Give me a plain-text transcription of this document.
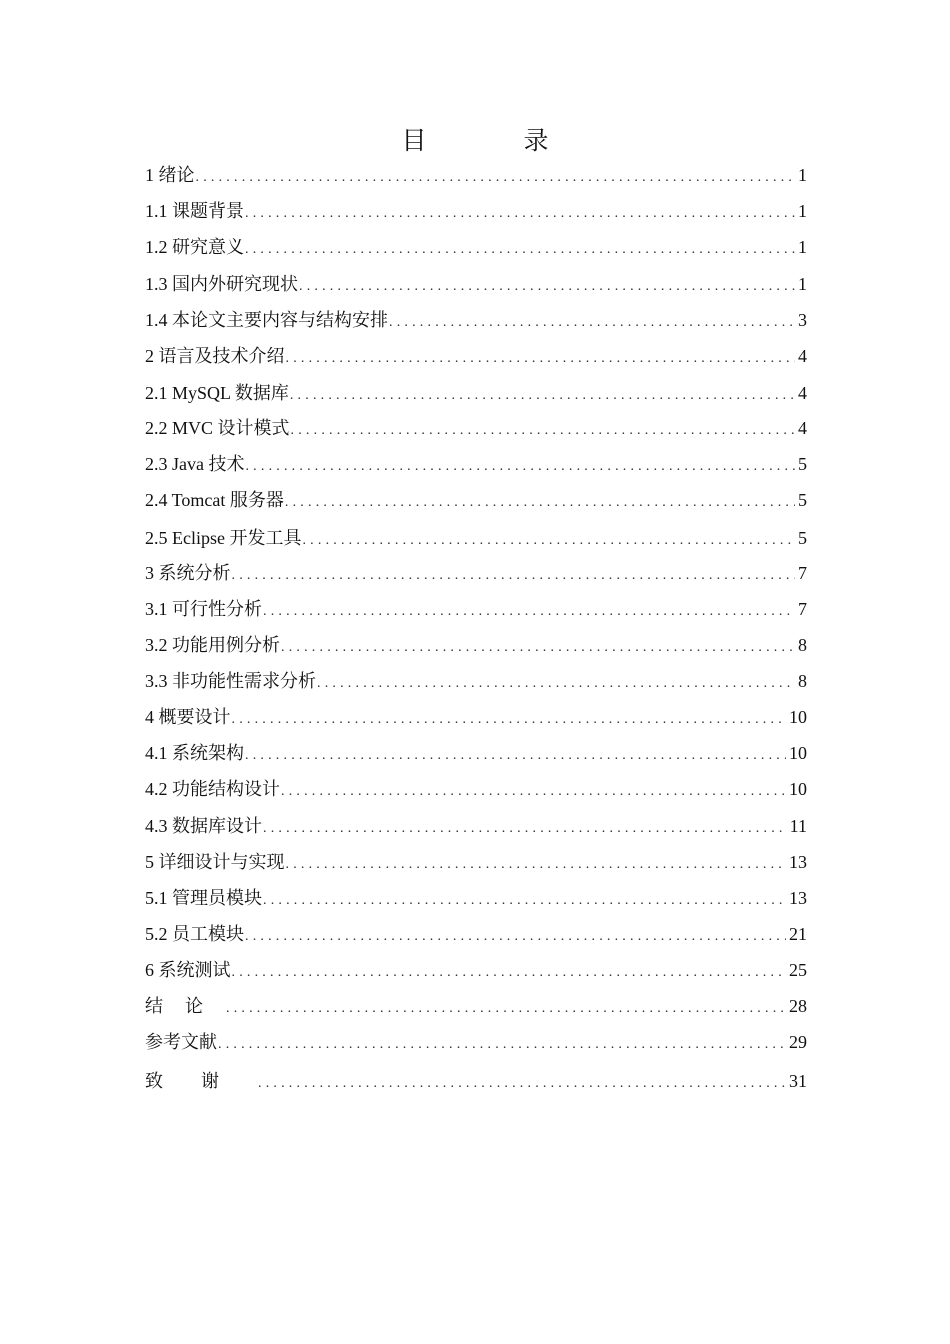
目　录
1 绪论 .....	1
1.1 课题背景 .....	1
1.2 研究意义 .....	1
1.3 国内外研究现状 .....	1
1.4 本论文主要内容与结构安排 .....	3
2 语言及技术介绍 .....	4
2.1 MySQL 数据库 .....	4
2.2 MVC 设计模式 .....	4
2.3 Java 技术 .....	5
2.4 Tomcat 服务器 .....	5
2.5 Eclipse 开发工具 .....	5
3 系统分析 .....	7
3.1 可行性分析 .....	7
3.2 功能用例分析 .....	8
3.3 非功能性需求分析 .....	8
4 概要设计 .....	10
4.1 系统架构 .....	10
4.2 功能结构设计 .....	10
4.3 数据库设计 .....	11
5 详细设计与实现 .....	13
5.1 管理员模块 .....	13
5.2 员工模块 .....	21
6 系统测试 .....	25
结论 .....	28
参考文献 .....	29
致谢 .....	31
